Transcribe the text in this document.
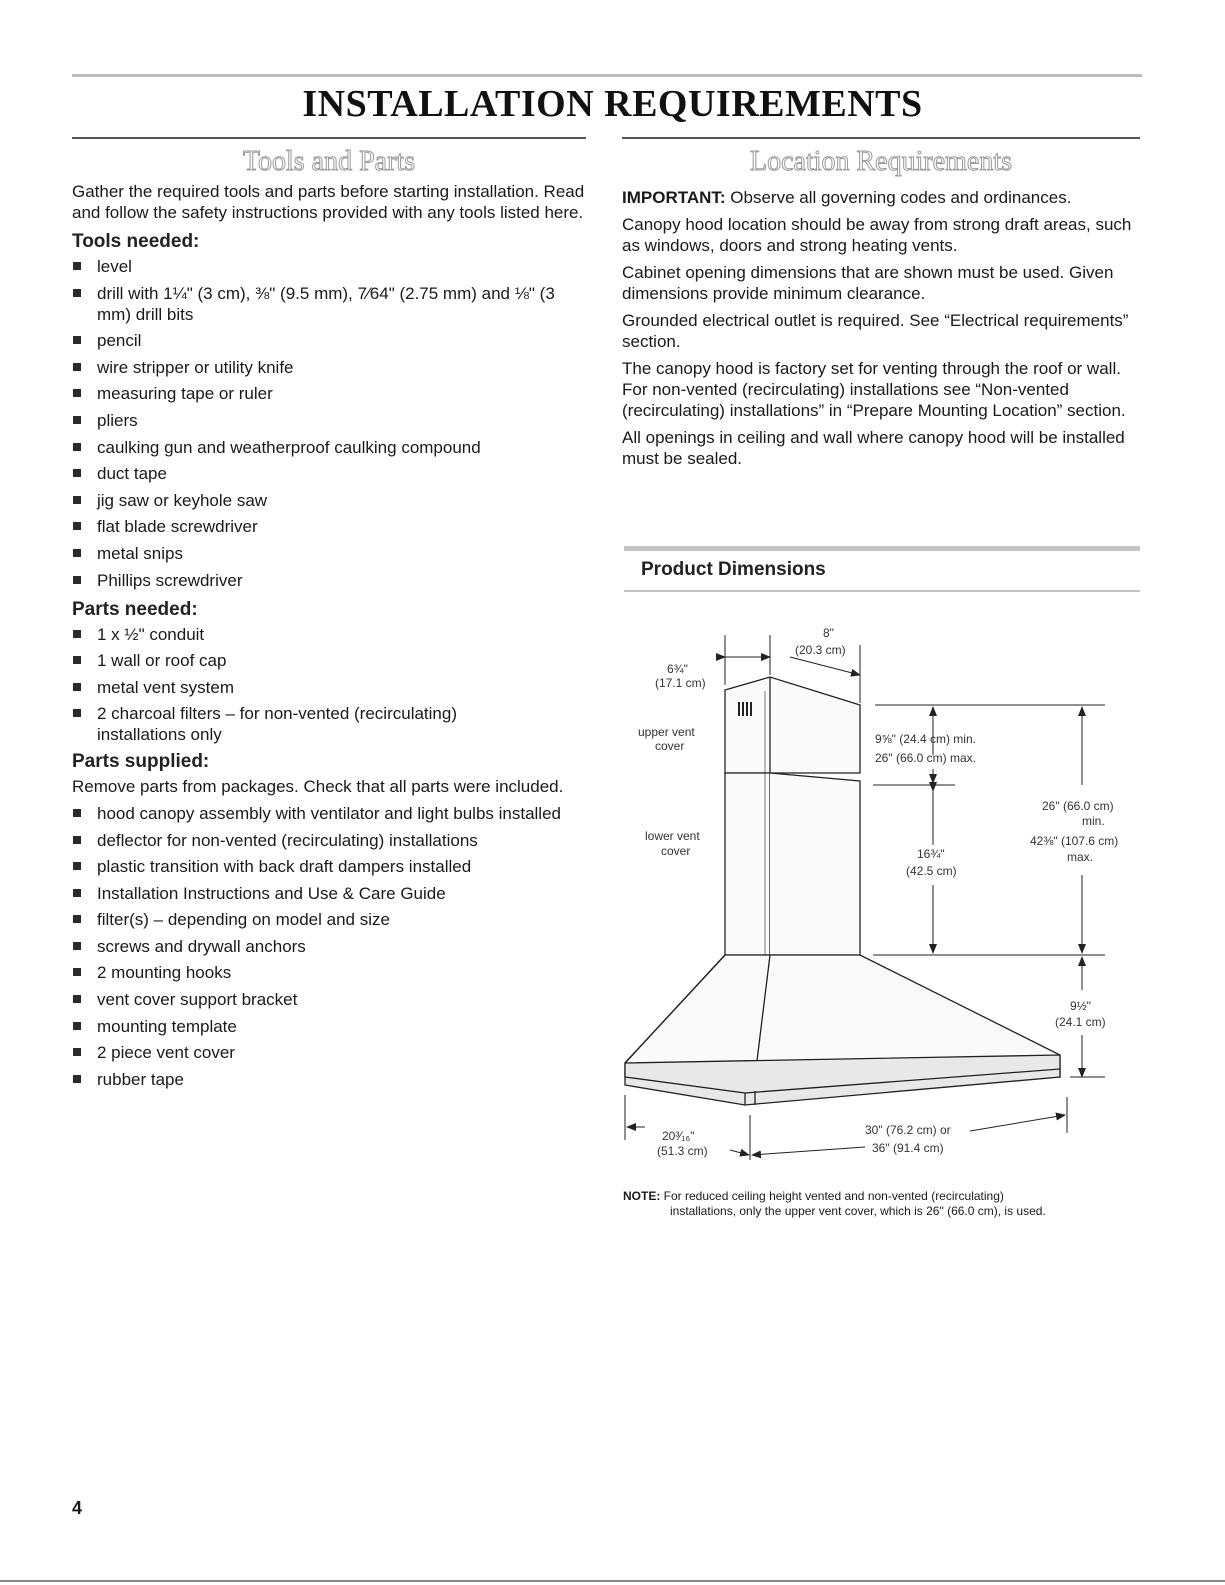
INSTALLATION REQUIREMENTS
Tools and Parts	Location Requirements

Gather the required tools and parts before starting installation. Read and follow the safety instructions provided with any tools listed here.

Tools needed:
level
drill with 1¼" (3 cm), ⅜" (9.5 mm), 7⁄64" (2.75 mm) and ⅛" (3 mm) drill bits
pencil
wire stripper or utility knife
measuring tape or ruler
pliers
caulking gun and weatherproof caulking compound
duct tape
jig saw or keyhole saw
flat blade screwdriver
metal snips
Phillips screwdriver
Parts needed:
1 x ½" conduit
1 wall or roof cap
metal vent system
2 charcoal filters – for non-vented (recirculating) installations only
Parts supplied:

Remove parts from packages. Check that all parts were included.

hood canopy assembly with ventilator and light bulbs installed
deflector for non-vented (recirculating) installations
plastic transition with back draft dampers installed
Installation Instructions and Use & Care Guide
filter(s) – depending on model and size
screws and drywall anchors
2 mounting hooks
vent cover support bracket
mounting template
2 piece vent cover
rubber tape

IMPORTANT: Observe all governing codes and ordinances.

Canopy hood location should be away from strong draft areas, such as windows, doors and strong heating vents.

Cabinet opening dimensions that are shown must be used. Given dimensions provide minimum clearance.

Grounded electrical outlet is required. See “Electrical requirements” section.

The canopy hood is factory set for venting through the roof or wall. For non-vented (recirculating) installations see “Non-vented (recirculating) installations” in “Prepare Mounting Location” section.

All openings in ceiling and wall where canopy hood will be installed must be sealed.

Product Dimensions
8"
(20.3 cm)
6¾"
(17.1 cm)
upper vent
cover
lower vent
cover
9⅝" (24.4 cm) min.
26" (66.0 cm) max.
16¾"
(42.5 cm)
26" (66.0 cm)
min.
42⅜" (107.6 cm)
max.
9½"
(24.1 cm)
20³⁄₁₆"
(51.3 cm)
30" (76.2 cm) or
36" (91.4 cm)
NOTE: For reduced ceiling height vented and non-vented (recirculating)
installations, only the upper vent cover, which is 26" (66.0 cm), is used.
4
